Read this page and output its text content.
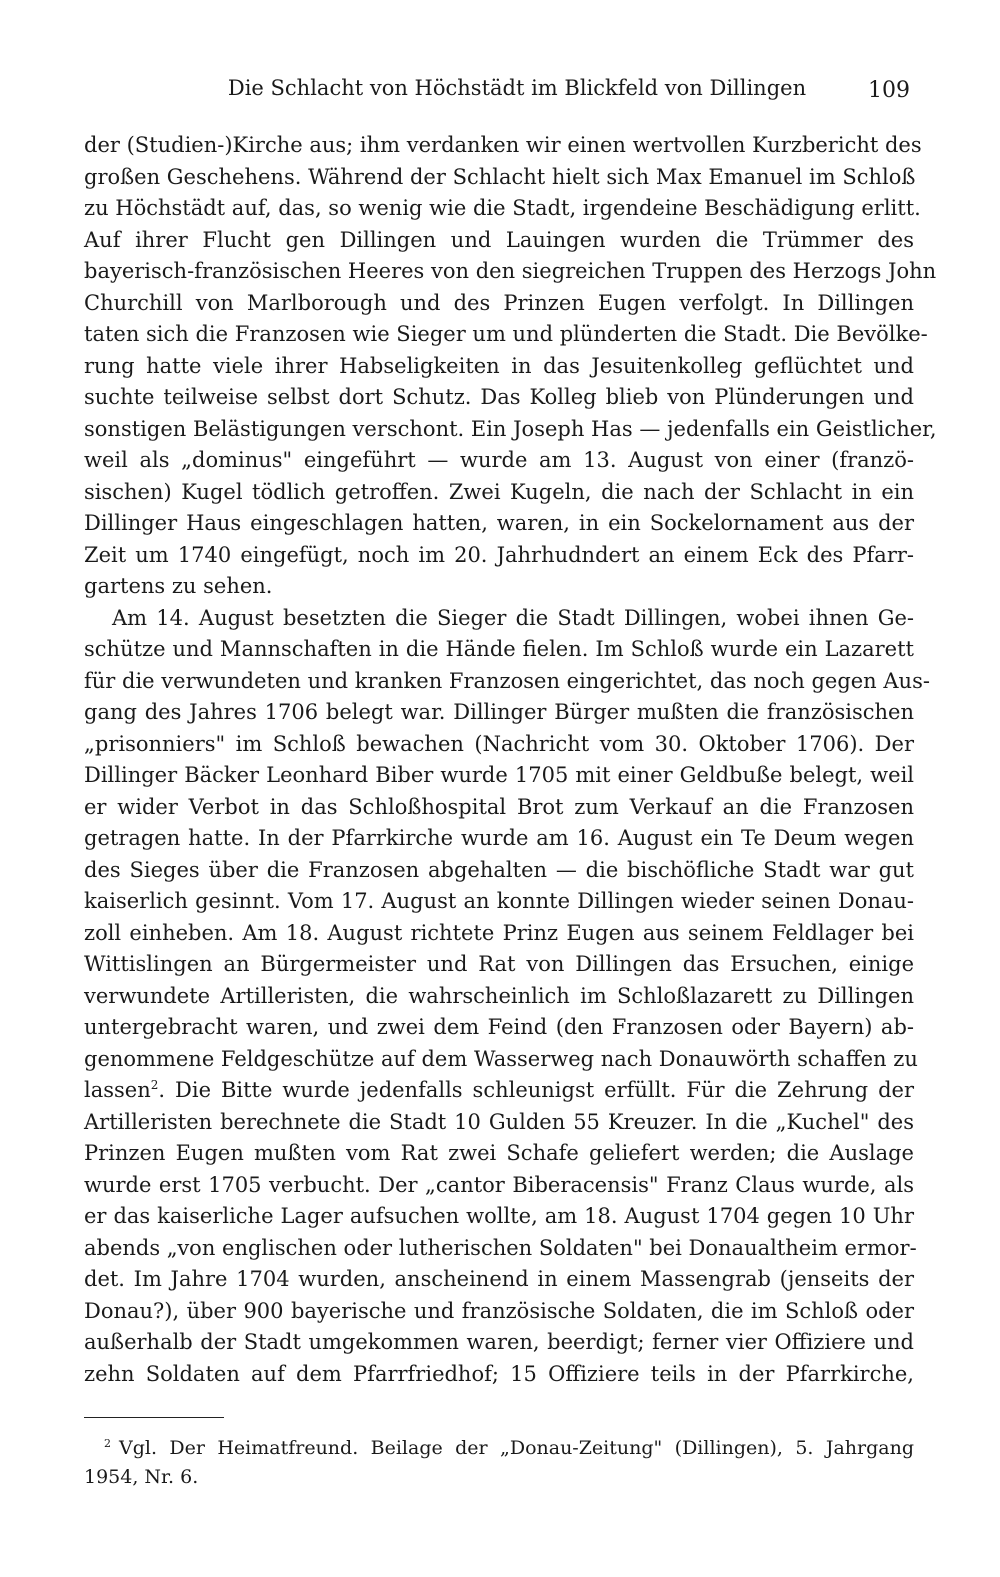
Die Schlacht von Höchstädt im Blickfeld von Dillingen	109
der (Studien-)Kirche aus; ihm verdanken wir einen wertvollen Kurzbericht des
großen Geschehens. Während der Schlacht hielt sich Max Emanuel im Schloß
zu Höchstädt auf, das, so wenig wie die Stadt, irgendeine Beschädigung erlitt.
Auf ihrer Flucht gen Dillingen und Lauingen wurden die Trümmer des
bayerisch-französischen Heeres von den siegreichen Truppen des Herzogs John
Churchill von Marlborough und des Prinzen Eugen verfolgt. In Dillingen
taten sich die Franzosen wie Sieger um und plünderten die Stadt. Die Bevölke-
rung hatte viele ihrer Habseligkeiten in das Jesuitenkolleg geflüchtet und
suchte teilweise selbst dort Schutz. Das Kolleg blieb von Plünderungen und
sonstigen Belästigungen verschont. Ein Joseph Has — jedenfalls ein Geistlicher,
weil als „dominus" eingeführt — wurde am 13. August von einer (franzö-
sischen) Kugel tödlich getroffen. Zwei Kugeln, die nach der Schlacht in ein
Dillinger Haus eingeschlagen hatten, waren, in ein Sockelornament aus der
Zeit um 1740 eingefügt, noch im 20. Jahrhudndert an einem Eck des Pfarr-
gartens zu sehen.
Am 14. August besetzten die Sieger die Stadt Dillingen, wobei ihnen Ge-
schütze und Mannschaften in die Hände fielen. Im Schloß wurde ein Lazarett
für die verwundeten und kranken Franzosen eingerichtet, das noch gegen Aus-
gang des Jahres 1706 belegt war. Dillinger Bürger mußten die französischen
„prisonniers" im Schloß bewachen (Nachricht vom 30. Oktober 1706). Der
Dillinger Bäcker Leonhard Biber wurde 1705 mit einer Geldbuße belegt, weil
er wider Verbot in das Schloßhospital Brot zum Verkauf an die Franzosen
getragen hatte. In der Pfarrkirche wurde am 16. August ein Te Deum wegen
des Sieges über die Franzosen abgehalten — die bischöfliche Stadt war gut
kaiserlich gesinnt. Vom 17. August an konnte Dillingen wieder seinen Donau-
zoll einheben. Am 18. August richtete Prinz Eugen aus seinem Feldlager bei
Wittislingen an Bürgermeister und Rat von Dillingen das Ersuchen, einige
verwundete Artilleristen, die wahrscheinlich im Schloßlazarett zu Dillingen
untergebracht waren, und zwei dem Feind (den Franzosen oder Bayern) ab-
genommene Feldgeschütze auf dem Wasserweg nach Donauwörth schaffen zu
lassen$^2$. Die Bitte wurde jedenfalls schleunigst erfüllt. Für die Zehrung der
Artilleristen berechnete die Stadt 10 Gulden 55 Kreuzer. In die „Kuchel" des
Prinzen Eugen mußten vom Rat zwei Schafe geliefert werden; die Auslage
wurde erst 1705 verbucht. Der „cantor Biberacensis" Franz Claus wurde, als
er das kaiserliche Lager aufsuchen wollte, am 18. August 1704 gegen 10 Uhr
abends „von englischen oder lutherischen Soldaten" bei Donaualtheim ermor-
det. Im Jahre 1704 wurden, anscheinend in einem Massengrab (jenseits der
Donau?), über 900 bayerische und französische Soldaten, die im Schloß oder
außerhalb der Stadt umgekommen waren, beerdigt; ferner vier Offiziere und
zehn Soldaten auf dem Pfarrfriedhof; 15 Offiziere teils in der Pfarrkirche,
$^2$ Vgl. Der Heimatfreund. Beilage der „Donau-Zeitung" (Dillingen), 5. Jahrgang
1954, Nr. 6.
